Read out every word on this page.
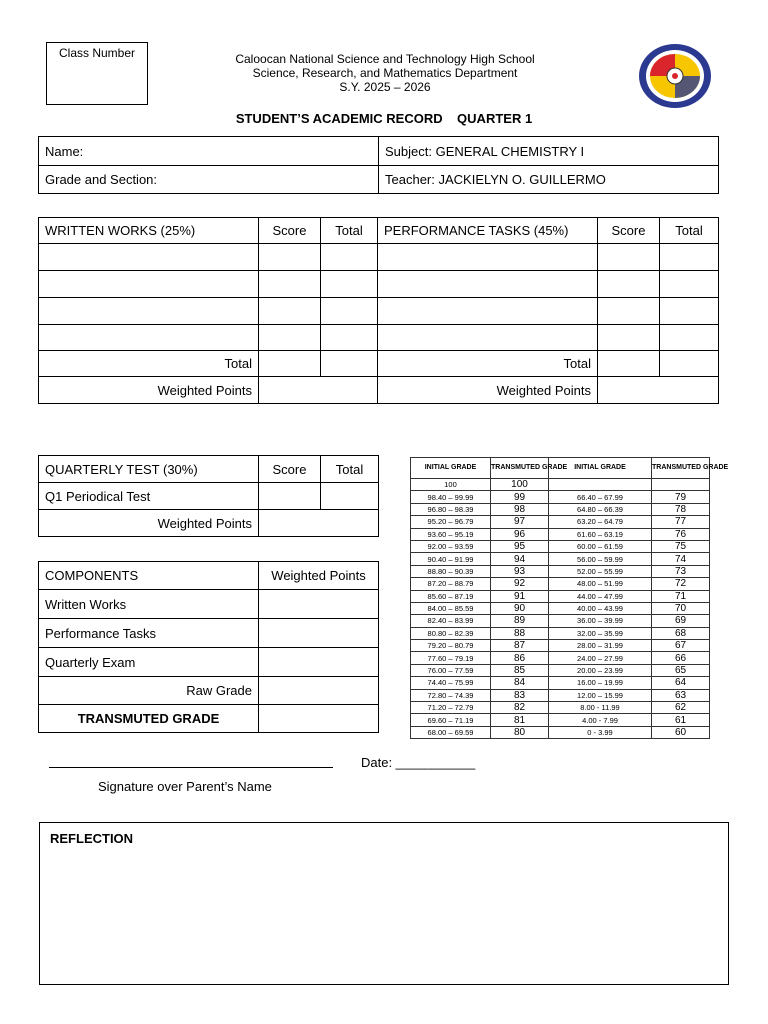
Class Number	Caloocan National Science and Technology High School
Science, Research, and Mathematics Department
S.Y. 2025 – 2026
STUDENT’S ACADEMIC RECORD    QUARTER 1
Name:	Subject: GENERAL CHEMISTRY I
Grade and Section:	Teacher: JACKIELYN O. GUILLERMO
WRITTEN WORKS (25%)	Score	Total	PERFORMANCE TASKS (45%)	Score	Total

Total			Total		
Weighted Points			Weighted Points		
QUARTERLY TEST (30%)	Score	Total
Q1 Periodical Test		
Weighted Points		
COMPONENTS	Weighted Points
Written Works	
Performance Tasks	
Quarterly Exam	
Raw Grade	
TRANSMUTED GRADE	
INITIAL GRADE	TRANSMUTED GRADE	INITIAL GRADE	TRANSMUTED GRADE
100	100		
98.40 – 99.99	99	66.40 – 67.99	79
96.80 – 98.39	98	64.80 – 66.39	78
95.20 – 96.79	97	63.20 – 64.79	77
93.60 – 95.19	96	61.60 – 63.19	76
92.00 – 93.59	95	60.00 – 61.59	75
90.40 – 91.99	94	56.00 – 59.99	74
88.80 – 90.39	93	52.00 – 55.99	73
87.20 – 88.79	92	48.00 – 51.99	72
85.60 – 87.19	91	44.00 – 47.99	71
84.00 – 85.59	90	40.00 – 43.99	70
82.40 – 83.99	89	36.00 – 39.99	69
80.80 – 82.39	88	32.00 – 35.99	68
79.20 – 80.79	87	28.00 – 31.99	67
77.60 – 79.19	86	24.00 – 27.99	66
76.00 – 77.59	85	20.00 – 23.99	65
74.40 – 75.99	84	16.00 – 19.99	64
72.80 – 74.39	83	12.00 – 15.99	63
71.20 – 72.79	82	8.00 - 11.99	62
69.60 – 71.19	81	4.00 - 7.99	61
68.00 – 69.59	80	0 - 3.99	60
Date: ___________
Signature over Parent’s Name
REFLECTION
